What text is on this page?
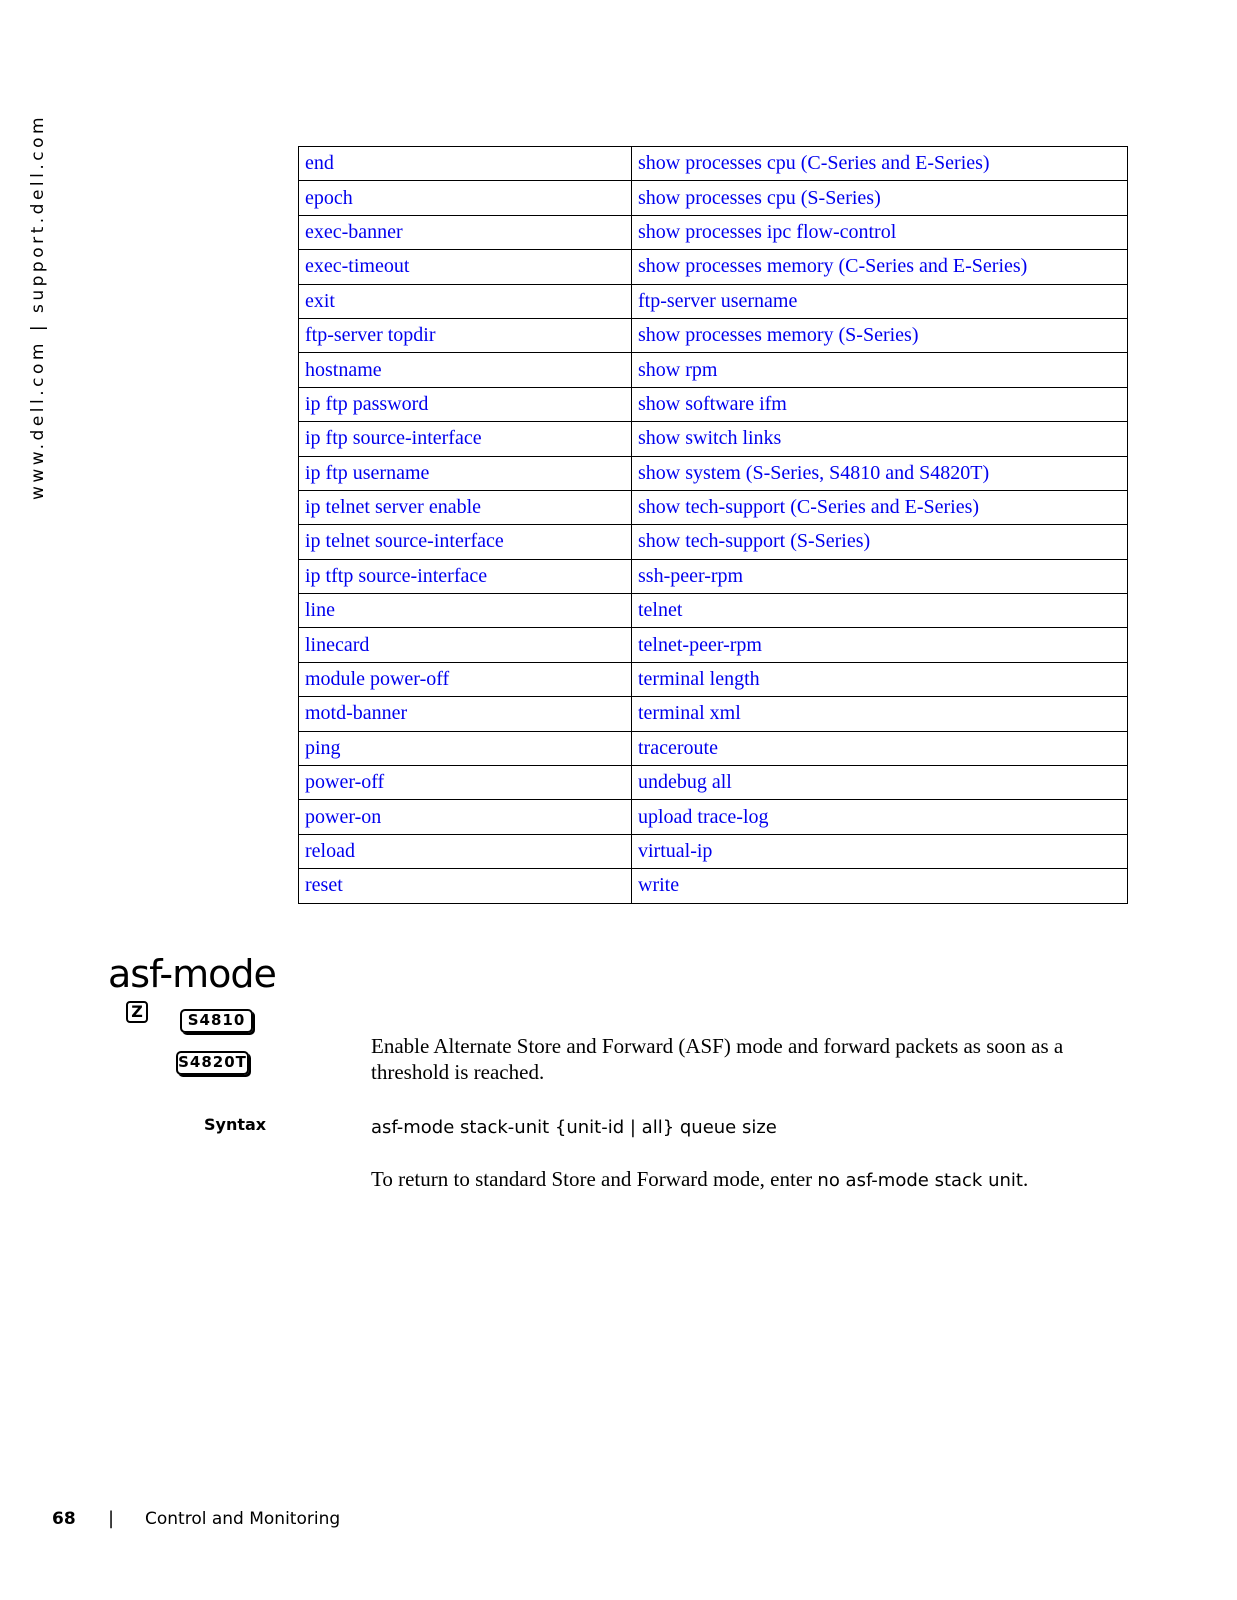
www.dell.com | support.dell.com	end	show processes cpu (C-Series and E-Series)
epoch	show processes cpu (S-Series)
exec-banner	show processes ipc flow-control
exec-timeout	show processes memory (C-Series and E-Series)
exit	ftp-server username
ftp-server topdir	show processes memory (S-Series)
hostname	show rpm
ip ftp password	show software ifm
ip ftp source-interface	show switch links
ip ftp username	show system (S-Series, S4810 and S4820T)
ip telnet server enable	show tech-support (C-Series and E-Series)
ip telnet source-interface	show tech-support (S-Series)
ip tftp source-interface	ssh-peer-rpm
line	telnet
linecard	telnet-peer-rpm
module power-off	terminal length
motd-banner	terminal xml
ping	traceroute
power-off	undebug all
power-on	upload trace-log
reload	virtual-ip
reset	write
asf-mode
Z	S4810
S4820T
Enable Alternate Store and Forward (ASF) mode and forward packets as soon as a threshold is reached.
Syntax	asf-mode stack-unit {unit-id | all} queue size
To return to standard Store and Forward mode, enter no asf-mode stack unit.
68 | Control and Monitoring
